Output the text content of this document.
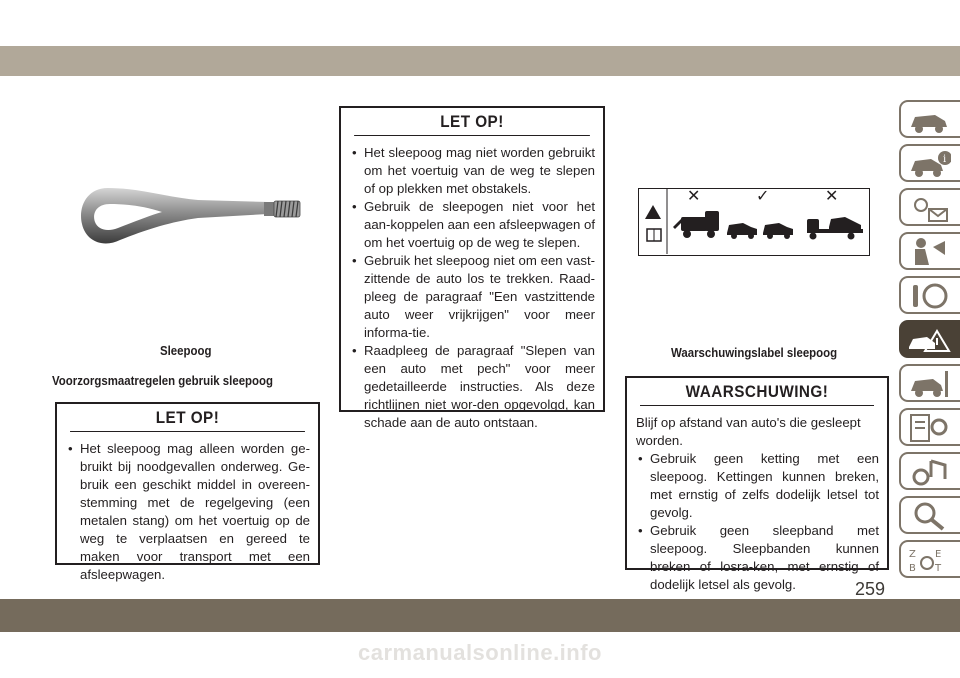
Sleepoog
Voorzorgsmaatregelen gebruik sleepoog
LET OP!
• Het sleepoog mag alleen worden ge-bruikt bij noodgevallen onderweg. Ge-bruik een geschikt middel in overeen-stemming met de regelgeving (een metalen stang) om het voertuig op de weg te verplaatsen en gereed te maken voor transport met een afsleepwagen.
LET OP!
• Het sleepoog mag niet worden gebruikt om het voertuig van de weg te slepen of op plekken met obstakels.
• Gebruik de sleepogen niet voor het aan-koppelen aan een afsleepwagen of om het voertuig op de weg te slepen.
• Gebruik het sleepoog niet om een vast-zittende de auto los te trekken. Raad-pleeg de paragraaf "Een vastzittende auto weer vrijkrijgen" voor meer informa-tie.
• Raadpleeg de paragraaf "Slepen van een auto met pech" voor meer gedetailleerde instructies. Als deze richtlijnen niet wor-den opgevolgd, kan schade aan de auto ontstaan.
✕	✓	✕
Waarschuwingslabel sleepoog
WAARSCHUWING!
Blijf op afstand van auto's die gesleept worden.
• Gebruik geen ketting met een sleepoog. Kettingen kunnen breken, met ernstig of zelfs dodelijk letsel tot gevolg.
• Gebruik geen sleepband met sleepoog. Sleepbanden kunnen breken of losra-ken, met ernstig of dodelijk letsel als gevolg.
i
Z E
B T
259
carmanualsonline.info
